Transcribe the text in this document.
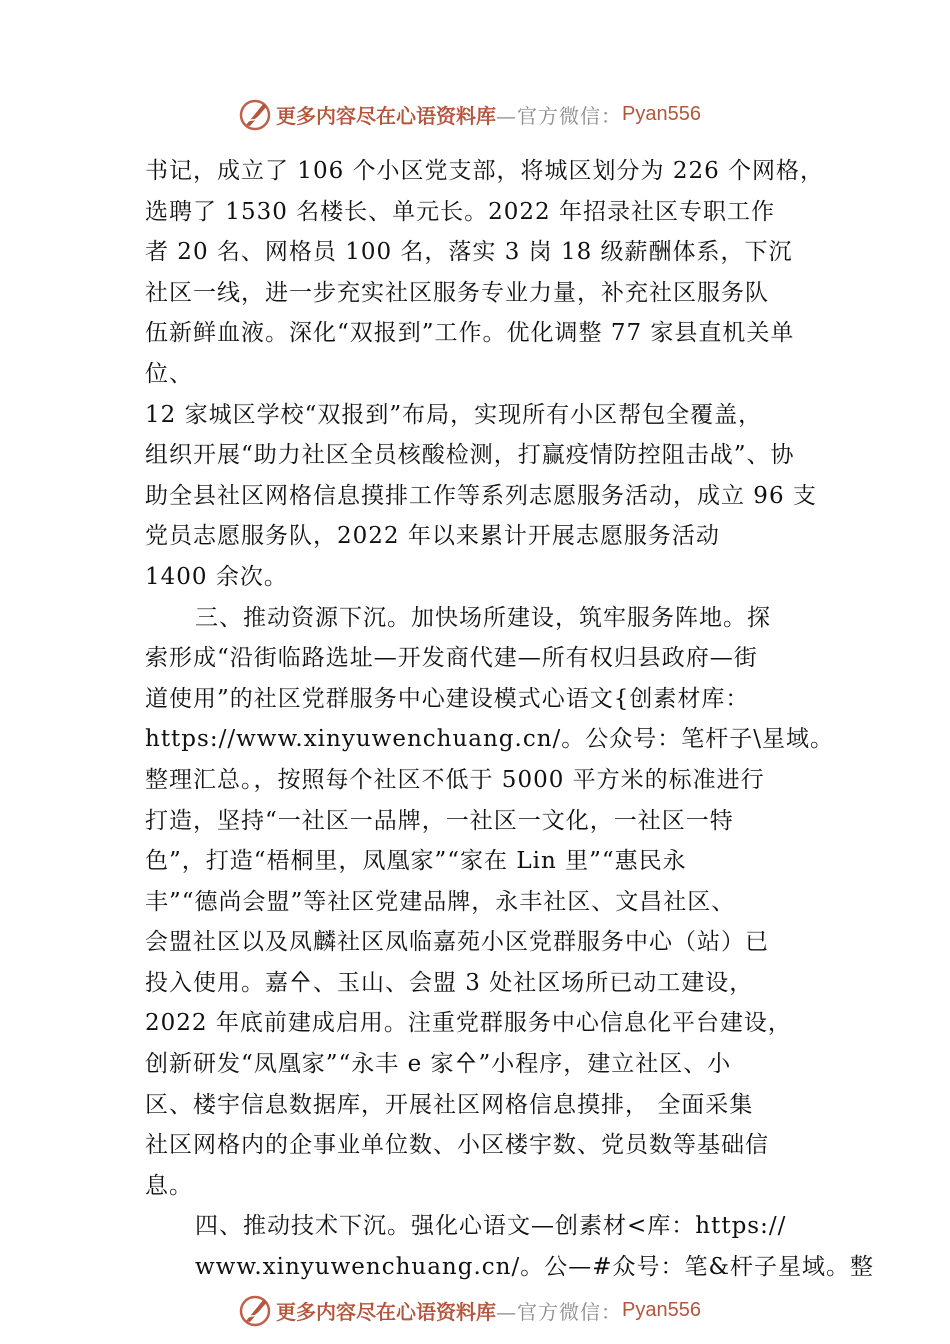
更多内容尽在心语资料库 —官方微信： Pyan556
书记，成立了 106 个小区党支部，将城区划分为 226 个网格，
选聘了 1530 名楼长、单元长。2022 年招录社区专职工作
者 20 名、网格员 100 名，落实 3 岗 18 级薪酬体系，下沉
社区一线，进一步充实社区服务专业力量，补充社区服务队
伍新鲜血液。深化“双报到”工作。优化调整 77 家县直机关单
位、
12 家城区学校“双报到”布局，实现所有小区帮包全覆盖，
组织开展“助力社区全员核酸检测，打赢疫情防控阻击战”、协
助全县社区网格信息摸排工作等系列志愿服务活动，成立 96 支
党员志愿服务队，2022 年以来累计开展志愿服务活动
1400 余次。
三、推动资源下沉。加快场所建设，筑牢服务阵地。探
索形成“沿街临路选址—开发商代建—所有权归县政府—街
道使用”的社区党群服务中心建设模式心语文{创素材库：
https://www.xinyuwenchuang.cn/。公众号：笔杆子\星域。
整理汇总。，按照每个社区不低于 5000 平方米的标准进行
打造，坚持“一社区一品牌，一社区一文化，一社区一特
色”，打造“梧桐里，凤凰家”“家在 Lin 里”“惠民永
丰”“德尚会盟”等社区党建品牌，永丰社区、文昌社区、
会盟社区以及凤麟社区凤临嘉苑小区党群服务中心（站）已
投入使用。嘉㐃、玉山、会盟 3 处社区场所已动工建设，
2022 年底前建成启用。注重党群服务中心信息化平台建设，
创新研发“凤凰家”“永丰 e 家㐃”小程序，建立社区、小
区、楼宇信息数据库，开展社区网格信息摸排， 全面采集
社区网格内的企事业单位数、小区楼宇数、党员数等基础信
息。
四、推动技术下沉。强化心语文—创素材<库：https://
www.xinyuwenchuang.cn/。公—#众号：笔&杆子星域。整
更多内容尽在心语资料库 —官方微信： Pyan556
